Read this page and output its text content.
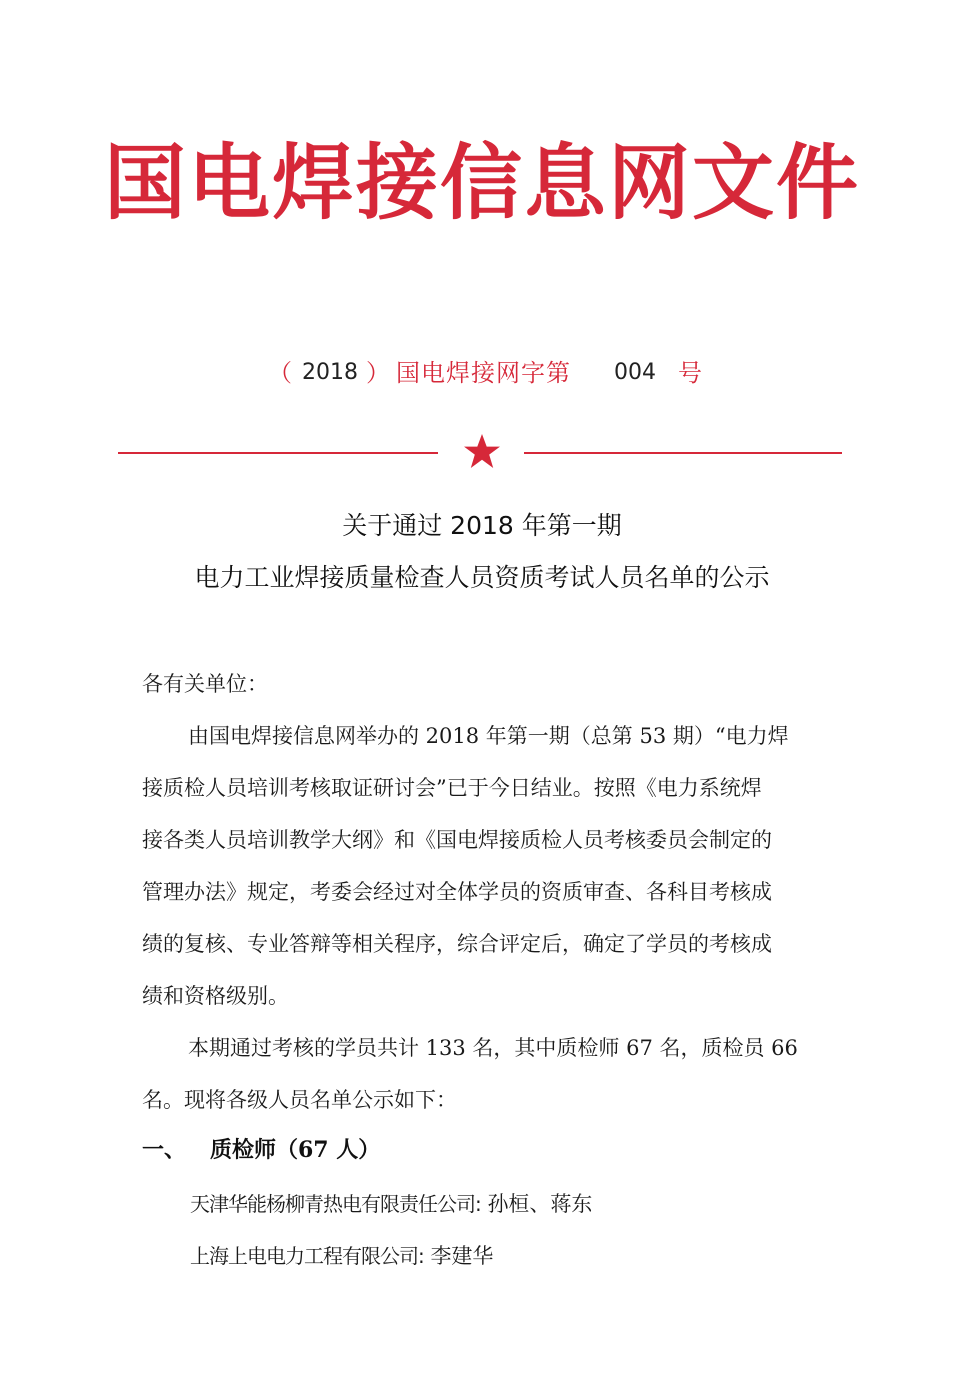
国电焊接信息网文件
（ 2018 ） 国电焊接网字第 004 号
关于通过 2018 年第一期
电力工业焊接质量检查人员资质考试人员名单的公示
各有关单位：
由国电焊接信息网举办的 2018 年第一期（总第 53 期）“电力焊
接质检人员培训考核取证研讨会”已于今日结业。按照《电力系统焊
接各类人员培训教学大纲》和《国电焊接质检人员考核委员会制定的
管理办法》规定，考委会经过对全体学员的资质审查、各科目考核成
绩的复核、专业答辩等相关程序，综合评定后，确定了学员的考核成
绩和资格级别。
本期通过考核的学员共计 133 名，其中质检师 67 名，质检员 66
名。现将各级人员名单公示如下：
一、 质检师（67 人）
天津华能杨柳青热电有限责任公司: 孙桓、蒋东
上海上电电力工程有限公司: 李建华
